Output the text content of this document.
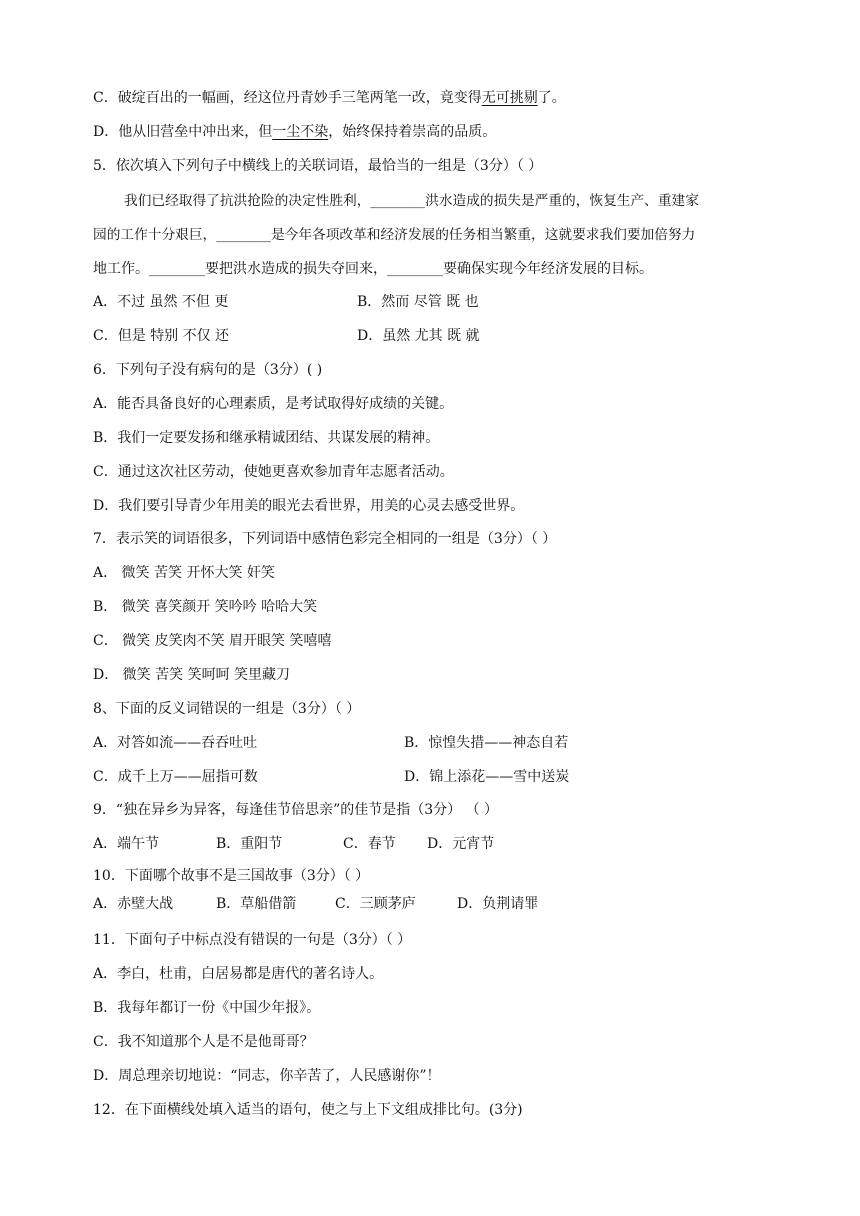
C．破绽百出的一幅画，经这位丹青妙手三笔两笔一改，竟变得无可挑剔了。
D．他从旧营垒中冲出来，但一尘不染，始终保持着崇高的品质。
5．依次填入下列句子中横线上的关联词语，最恰当的一组是（3分）（ ）
我们已经取得了抗洪抢险的决定性胜利，________洪水造成的损失是严重的，恢复生产、重建家
园的工作十分艰巨，________是今年各项改革和经济发展的任务相当繁重，这就要求我们要加倍努力
地工作。________要把洪水造成的损失夺回来，________要确保实现今年经济发展的目标。
A．不过 虽然 不但 更	B．然而 尽管 既 也
C．但是 特别 不仅 还	D．虽然 尤其 既 就
6．下列句子没有病句的是（3分）( )
A．能否具备良好的心理素质，是考试取得好成绩的关键。
B．我们一定要发扬和继承精诚团结、共谋发展的精神。
C．通过这次社区劳动，使她更喜欢参加青年志愿者活动。
D．我们要引导青少年用美的眼光去看世界，用美的心灵去感受世界。
7．表示笑的词语很多，下列词语中感情色彩完全相同的一组是（3分）（ ）
A． 微笑 苦笑 开怀大笑 奸笑
B． 微笑 喜笑颜开 笑吟吟 哈哈大笑
C． 微笑 皮笑肉不笑 眉开眼笑 笑嘻嘻
D． 微笑 苦笑 笑呵呵 笑里藏刀
8、下面的反义词错误的一组是（3分）（ ）
A．对答如流——吞吞吐吐	B．惊惶失措——神态自若
C．成千上万——屈指可数	D．锦上添花——雪中送炭
9．“独在异乡为异客，每逢佳节倍思亲”的佳节是指（3分） （ ）
A．端午节	B．重阳节	C．春节 D．元宵节
10．下面哪个故事不是三国故事（3分）（ ）
A．赤壁大战	B．草船借箭	C．三顾茅庐	D．负荆请罪
11．下面句子中标点没有错误的一句是（3分）（ ）
A．李白，杜甫，白居易都是唐代的著名诗人。
B．我每年都订一份《中国少年报》。
C．我不知道那个人是不是他哥哥？
D．周总理亲切地说：“同志，你辛苦了，人民感谢你”！
12．在下面横线处填入适当的语句，使之与上下文组成排比句。(3分)
